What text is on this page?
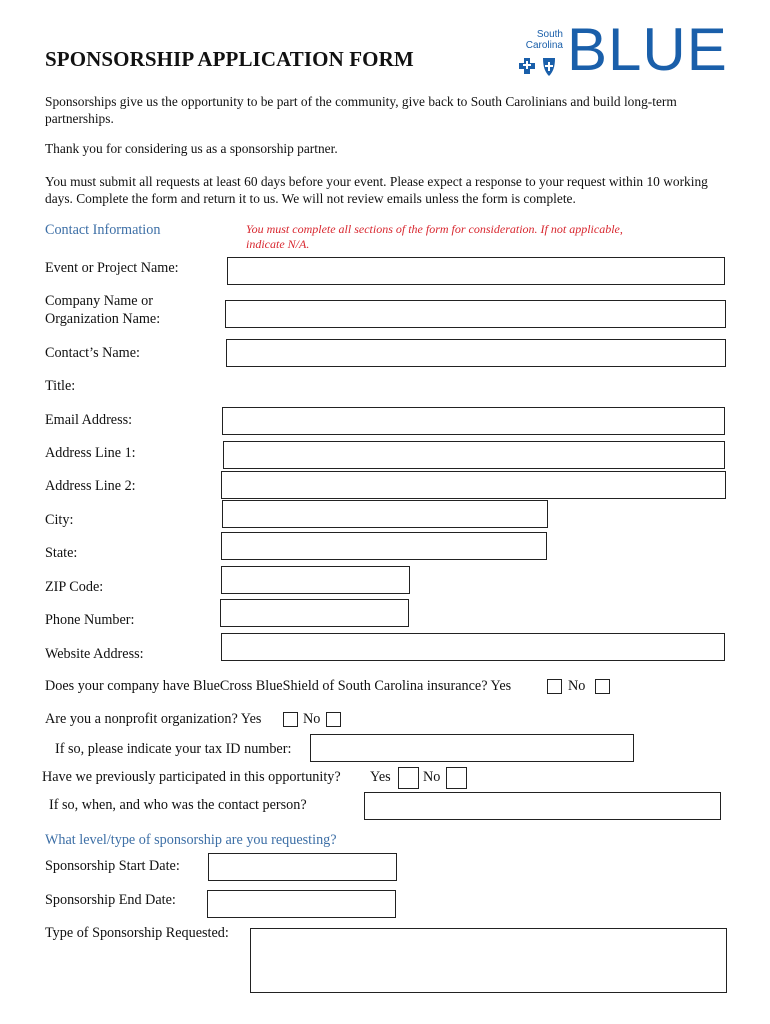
SPONSORSHIP APPLICATION FORM
South
Carolina BLUE
Sponsorships give us the opportunity to be part of the community, give back to South Carolinians and build long-term partnerships.
Thank you for considering us as a sponsorship partner.
You must submit all requests at least 60 days before your event. Please expect a response to your request within 10 working days. Complete the form and return it to us. We will not review emails unless the form is complete.
Contact Information	You must complete all sections of the form for consideration. If not applicable, indicate N/A.
Event or Project Name:
Company Name or
Organization Name:
Contact’s Name:
Title:
Email Address:
Address Line 1:
Address Line 2:
City:
State:
ZIP Code:
Phone Number:
Website Address:
Does your company have BlueCross BlueShield of South Carolina insurance? Yes	No
Are you a nonprofit organization? Yes	No
If so, please indicate your tax ID number:
Have we previously participated in this opportunity? Yes No
If so, when, and who was the contact person?
What level/type of sponsorship are you requesting?
Sponsorship Start Date:
Sponsorship End Date:
Type of Sponsorship Requested:
